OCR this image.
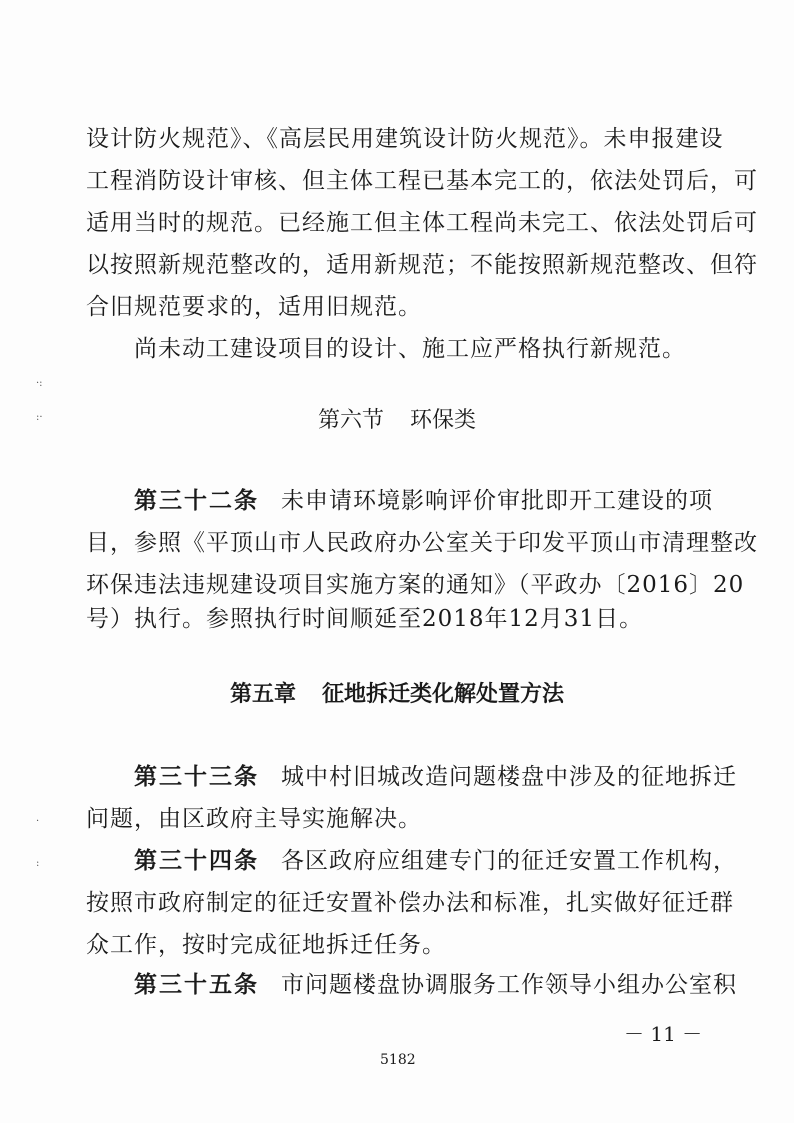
设计防火规范》、《高层民用建筑设计防火规范》。未申报建设
工程消防设计审核、但主体工程已基本完工的，依法处罚后，可
适用当时的规范。已经施工但主体工程尚未完工、依法处罚后可
以按照新规范整改的，适用新规范；不能按照新规范整改、但符
合旧规范要求的，适用旧规范。
尚未动工建设项目的设计、施工应严格执行新规范。
第六节 环保类
第三十二条 未申请环境影响评价审批即开工建设的项
目，参照《平顶山市人民政府办公室关于印发平顶山市清理整改
环保违法违规建设项目实施方案的通知》（平政办〔2016〕20
号）执行。参照执行时间顺延至2018年12月31日。
第五章 征地拆迁类化解处置方法
第三十三条 城中村旧城改造问题楼盘中涉及的征地拆迁
问题，由区政府主导实施解决。
第三十四条 各区政府应组建专门的征迁安置工作机构，
按照市政府制定的征迁安置补偿办法和标准，扎实做好征迁群
众工作，按时完成征地拆迁任务。
第三十五条 市问题楼盘协调服务工作领导小组办公室积
－ 11 －
5182
·:
:·
·
:
